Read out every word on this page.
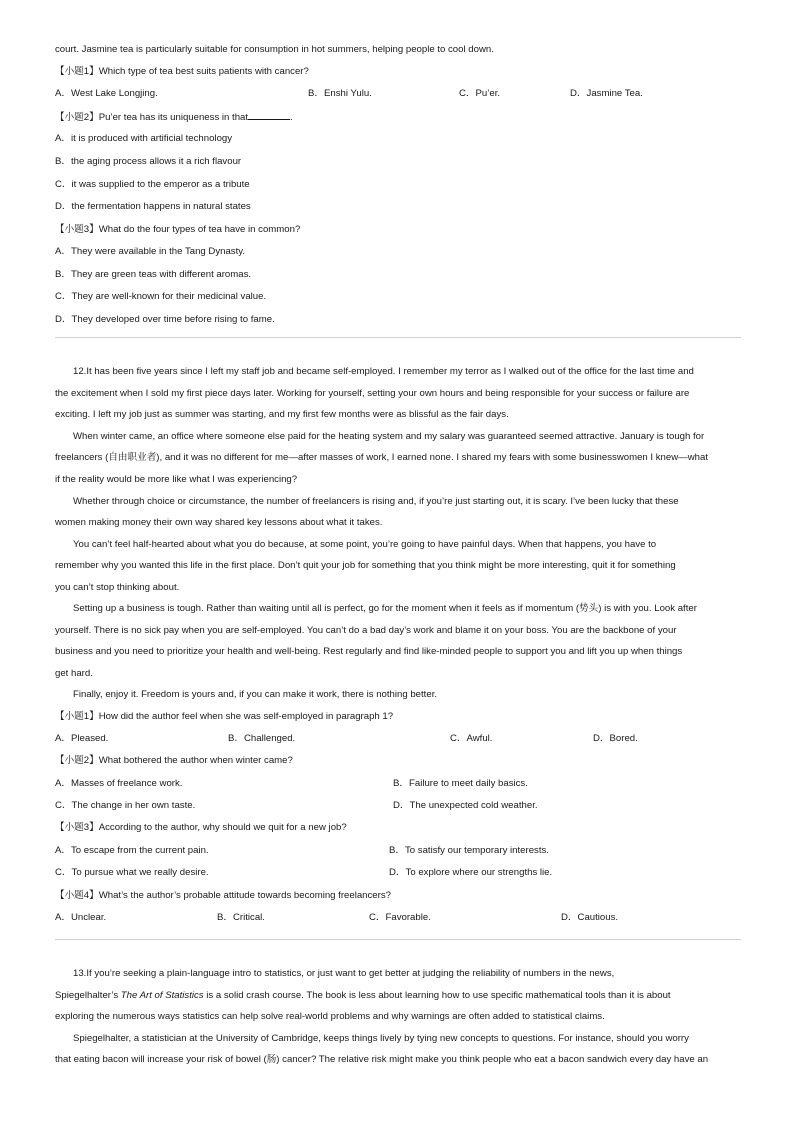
court. Jasmine tea is particularly suitable for consumption in hot summers, helping people to cool down.
【小题1】Which type of tea best suits patients with cancer?
A．West Lake Longjing.	B．Enshi Yulu.	C．Pu’er.	D．Jasmine Tea.
【小题2】Pu’er tea has its uniqueness in that	.
A．it is produced with artificial technology
B．the aging process allows it a rich flavour
C．it was supplied to the emperor as a tribute
D．the fermentation happens in natural states
【小题3】What do the four types of tea have in common?
A．They were available in the Tang Dynasty.
B．They are green teas with different aromas.
C．They are well-known for their medicinal value.
D．They developed over time before rising to fame.
12.It has been five years since I left my staff job and became self-employed. I remember my terror as I walked out of the office for the last time and
the excitement when I sold my first piece days later. Working for yourself, setting your own hours and being responsible for your success or failure are
exciting. I left my job just as summer was starting, and my first few months were as blissful as the fair days.
When winter came, an office where someone else paid for the heating system and my salary was guaranteed seemed attractive. January is tough for
freelancers (自由职业者), and it was no different for me—after masses of work, I earned none. I shared my fears with some businesswomen I knew—what
if the reality would be more like what I was experiencing?
Whether through choice or circumstance, the number of freelancers is rising and, if you’re just starting out, it is scary. I’ve been lucky that these
women making money their own way shared key lessons about what it takes.
You can’t feel half-hearted about what you do because, at some point, you’re going to have painful days. When that happens, you have to
remember why you wanted this life in the first place. Don’t quit your job for something that you think might be more interesting, quit it for something
you can’t stop thinking about.
Setting up a business is tough. Rather than waiting until all is perfect, go for the moment when it feels as if momentum (势头) is with you. Look after
yourself. There is no sick pay when you are self-employed. You can’t do a bad day’s work and blame it on your boss. You are the backbone of your
business and you need to prioritize your health and well-being. Rest regularly and find like-minded people to support you and lift you up when things
get hard.
Finally, enjoy it. Freedom is yours and, if you can make it work, there is nothing better.
【小题1】How did the author feel when she was self-employed in paragraph 1?
A．Pleased.	B．Challenged.	C．Awful.	D．Bored.
【小题2】What bothered the author when winter came?
A．Masses of freelance work.	B．Failure to meet daily basics.
C．The change in her own taste.	D．The unexpected cold weather.
【小题3】According to the author, why should we quit for a new job?
A．To escape from the current pain.	B．To satisfy our temporary interests.
C．To pursue what we really desire.	D．To explore where our strengths lie.
【小题4】What’s the author’s probable attitude towards becoming freelancers?
A．Unclear.	B．Critical.	C．Favorable.	D．Cautious.
13.If you’re seeking a plain-language intro to statistics, or just want to get better at judging the reliability of numbers in the news,
Spiegelhalter’s The Art of Statistics is a solid crash course. The book is less about learning how to use specific mathematical tools than it is about
exploring the numerous ways statistics can help solve real-world problems and why warnings are often added to statistical claims.
Spiegelhalter, a statistician at the University of Cambridge, keeps things lively by tying new concepts to questions. For instance, should you worry
that eating bacon will increase your risk of bowel (肠) cancer? The relative risk might make you think people who eat a bacon sandwich every day have an
